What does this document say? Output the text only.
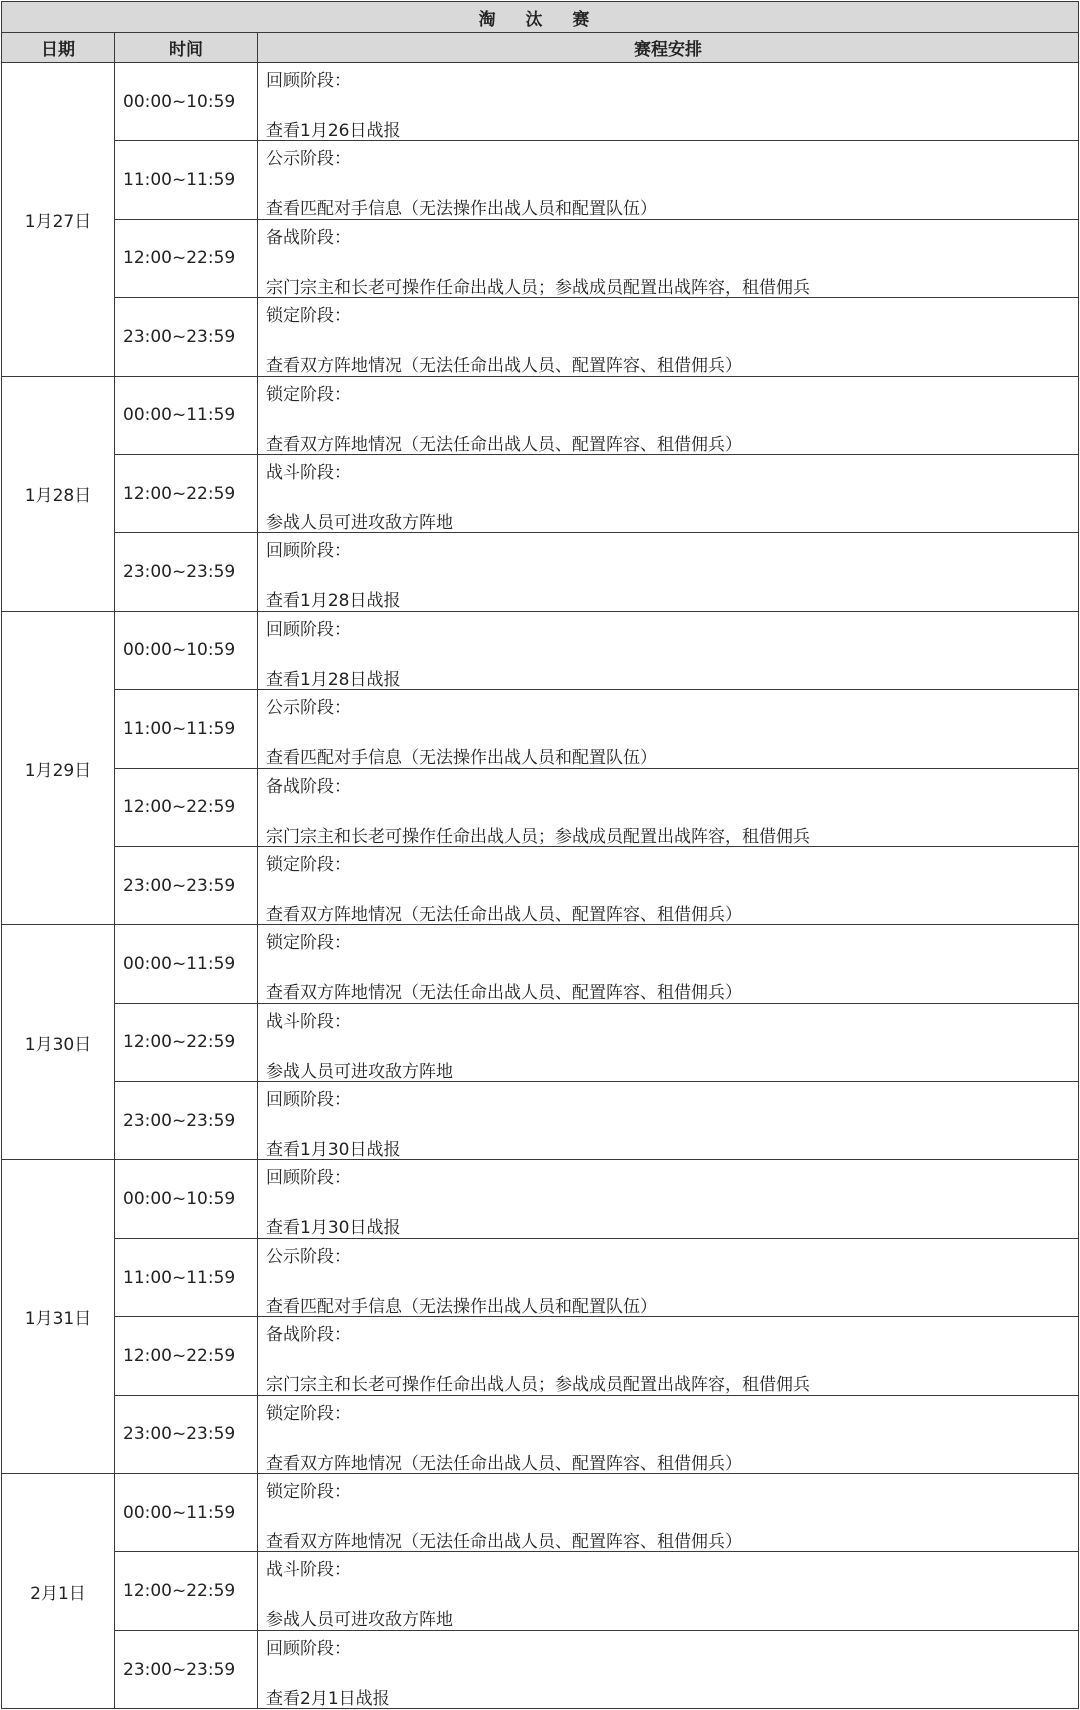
淘 汰 赛		
日期	时间	赛程安排
1月27日	00:00~10:59	回顾阶段：
查看1月26日战报

	11:00~11:59	公示阶段：
查看匹配对手信息（无法操作出战人员和配置队伍）

	12:00~22:59	备战阶段：
宗门宗主和长老可操作任命出战人员；参战成员配置出战阵容，租借佣兵

	23:00~23:59	锁定阶段：
查看双方阵地情况（无法任命出战人员、配置阵容、租借佣兵）

1月28日	00:00~11:59	锁定阶段：
查看双方阵地情况（无法任命出战人员、配置阵容、租借佣兵）

	12:00~22:59	战斗阶段：
参战人员可进攻敌方阵地

	23:00~23:59	回顾阶段：
查看1月28日战报

1月29日	00:00~10:59	回顾阶段：
查看1月28日战报

	11:00~11:59	公示阶段：
查看匹配对手信息（无法操作出战人员和配置队伍）

	12:00~22:59	备战阶段：
宗门宗主和长老可操作任命出战人员；参战成员配置出战阵容，租借佣兵

	23:00~23:59	锁定阶段：
查看双方阵地情况（无法任命出战人员、配置阵容、租借佣兵）

1月30日	00:00~11:59	锁定阶段：
查看双方阵地情况（无法任命出战人员、配置阵容、租借佣兵）

	12:00~22:59	战斗阶段：
参战人员可进攻敌方阵地

	23:00~23:59	回顾阶段：
查看1月30日战报

1月31日	00:00~10:59	回顾阶段：
查看1月30日战报

	11:00~11:59	公示阶段：
查看匹配对手信息（无法操作出战人员和配置队伍）

	12:00~22:59	备战阶段：
宗门宗主和长老可操作任命出战人员；参战成员配置出战阵容，租借佣兵

	23:00~23:59	锁定阶段：
查看双方阵地情况（无法任命出战人员、配置阵容、租借佣兵）

2月1日	00:00~11:59	锁定阶段：
查看双方阵地情况（无法任命出战人员、配置阵容、租借佣兵）

	12:00~22:59	战斗阶段：
参战人员可进攻敌方阵地

	23:00~23:59	回顾阶段：
查看2月1日战报
